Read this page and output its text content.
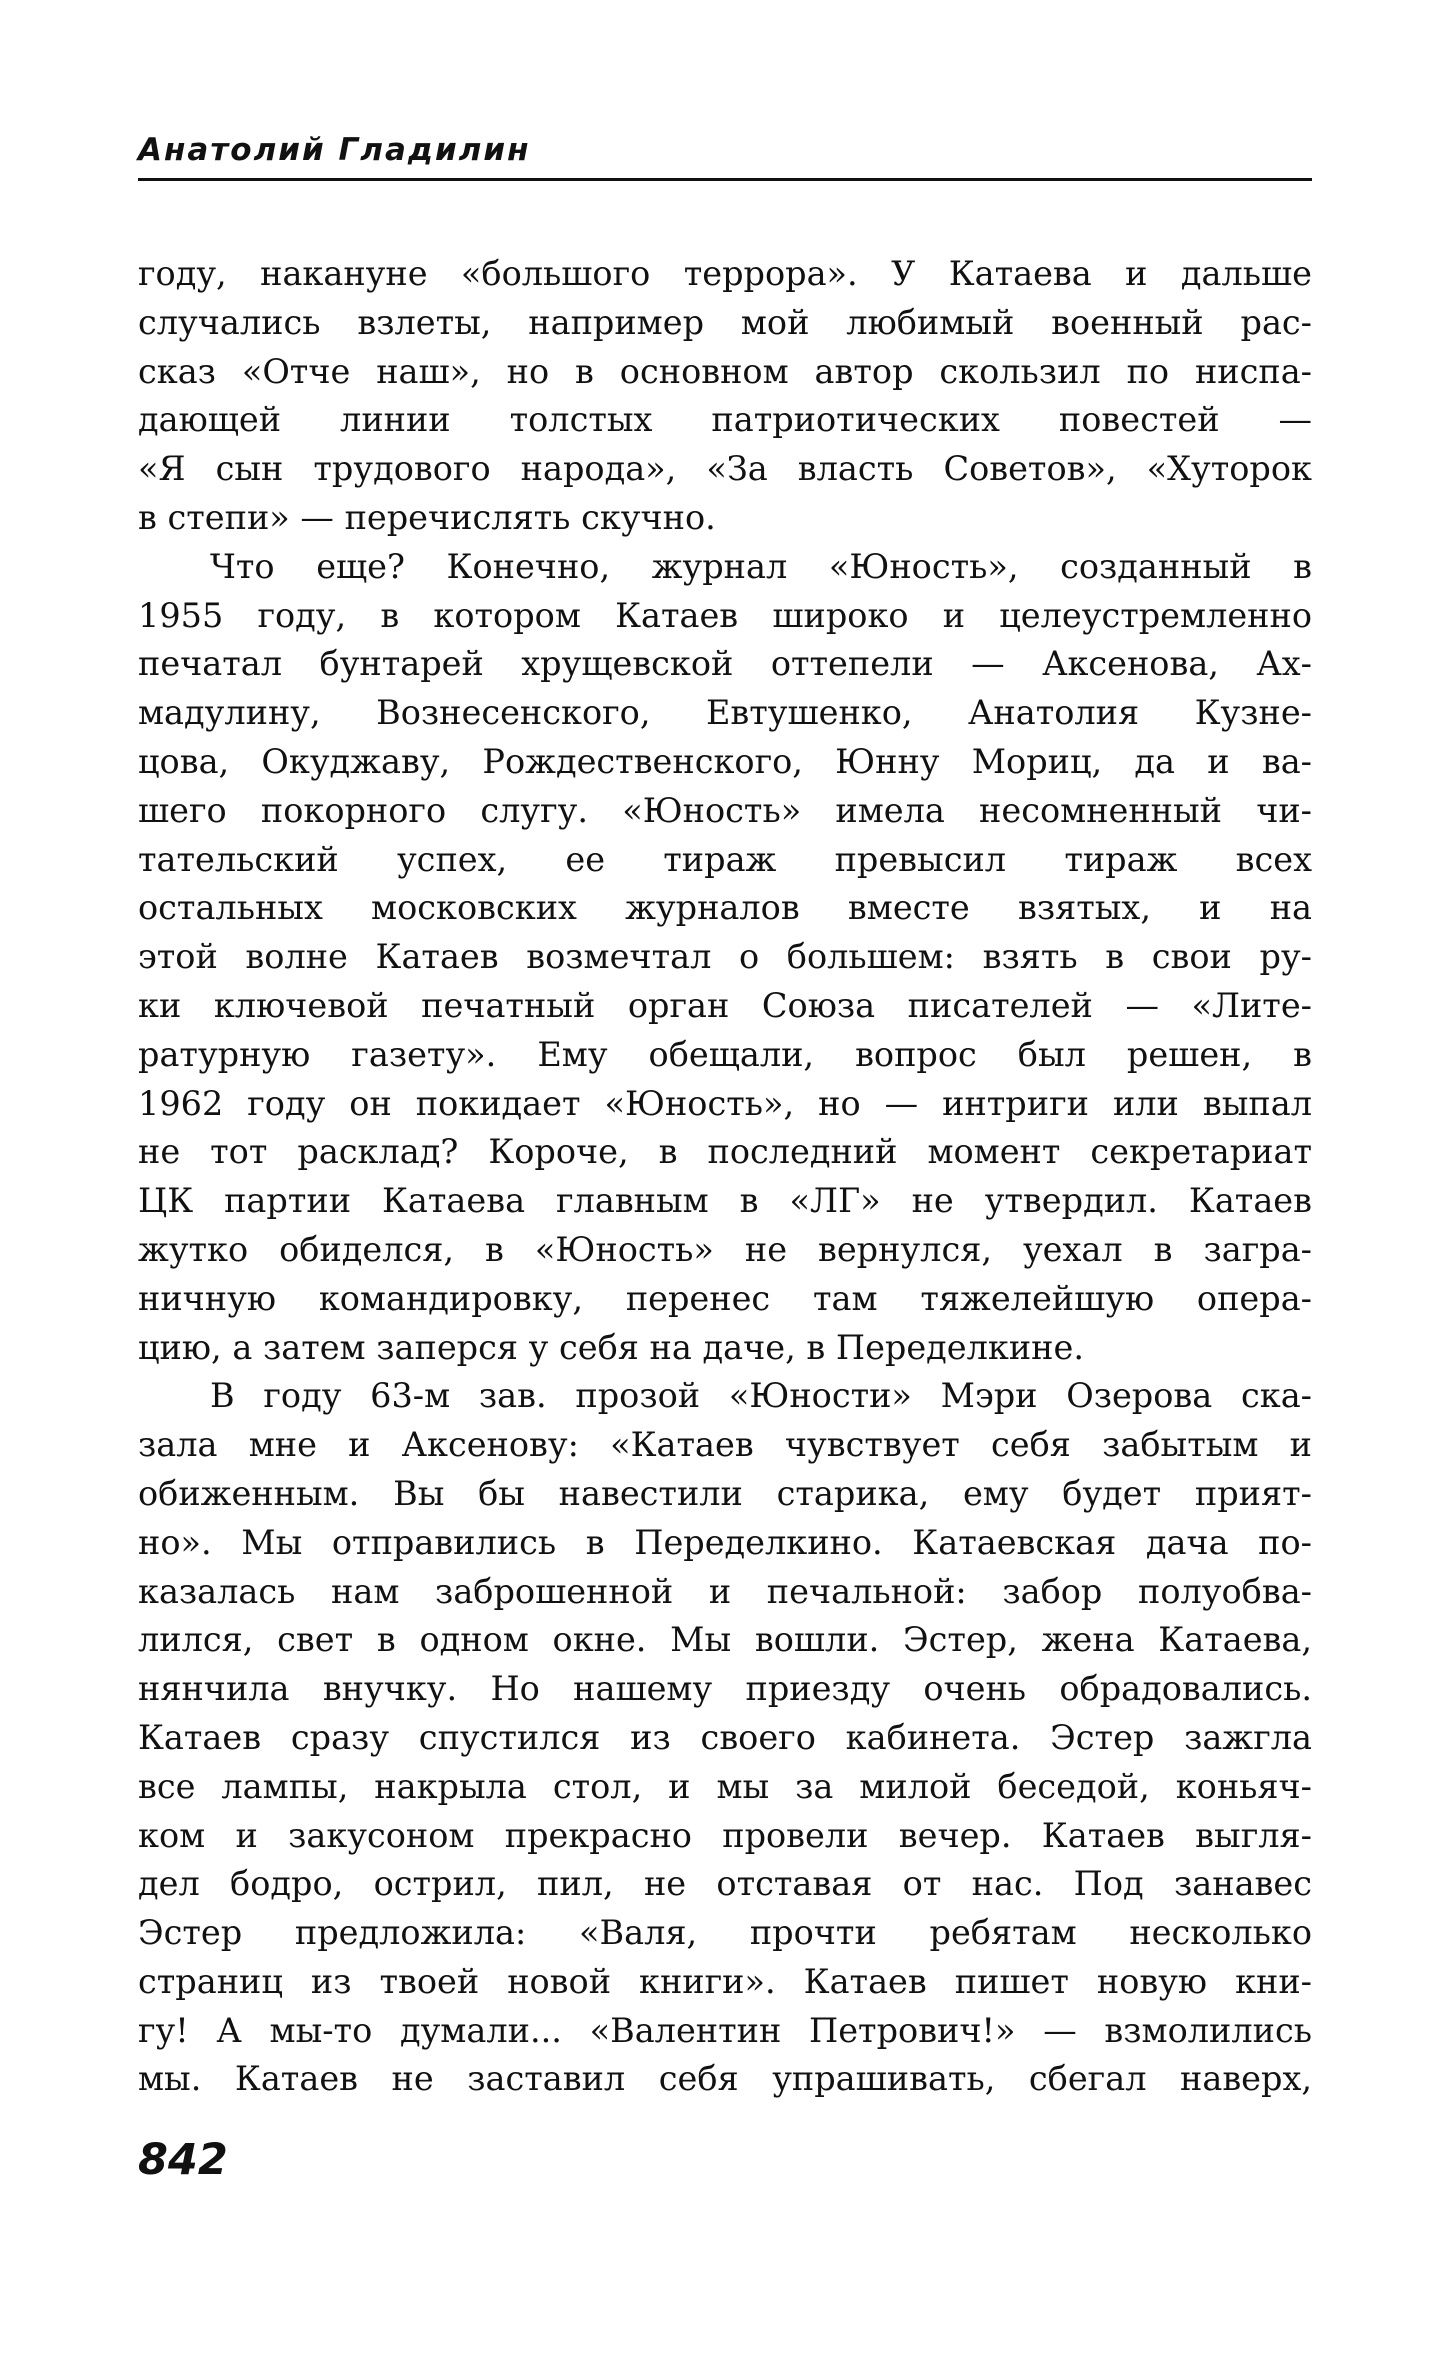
Анатолий Гладилин
году, накануне «большого террора». У Катаева и дальше
случались взлеты, например мой любимый военный рас-
сказ «Отче наш», но в основном автор скользил по ниспа-
дающей линии толстых патриотических повестей —
«Я сын трудового народа», «За власть Советов», «Хуторок
в степи» — перечислять скучно.
Что еще? Конечно, журнал «Юность», созданный в
1955 году, в котором Катаев широко и целеустремленно
печатал бунтарей хрущевской оттепели — Аксенова, Ах-
мадулину, Вознесенского, Евтушенко, Анатолия Кузне-
цова, Окуджаву, Рождественского, Юнну Мориц, да и ва-
шего покорного слугу. «Юность» имела несомненный чи-
тательский успех, ее тираж превысил тираж всех
остальных московских журналов вместе взятых, и на
этой волне Катаев возмечтал о большем: взять в свои ру-
ки ключевой печатный орган Союза писателей — «Лите-
ратурную газету». Ему обещали, вопрос был решен, в
1962 году он покидает «Юность», но — интриги или выпал
не тот расклад? Короче, в последний момент секретариат
ЦК партии Катаева главным в «ЛГ» не утвердил. Катаев
жутко обиделся, в «Юность» не вернулся, уехал в загра-
ничную командировку, перенес там тяжелейшую опера-
цию, а затем заперся у себя на даче, в Переделкине.
В году 63-м зав. прозой «Юности» Мэри Озерова ска-
зала мне и Аксенову: «Катаев чувствует себя забытым и
обиженным. Вы бы навестили старика, ему будет прият-
но». Мы отправились в Переделкино. Катаевская дача по-
казалась нам заброшенной и печальной: забор полуобва-
лился, свет в одном окне. Мы вошли. Эстер, жена Катаева,
нянчила внучку. Но нашему приезду очень обрадовались.
Катаев сразу спустился из своего кабинета. Эстер зажгла
все лампы, накрыла стол, и мы за милой беседой, коньяч-
ком и закусоном прекрасно провели вечер. Катаев выгля-
дел бодро, острил, пил, не отставая от нас. Под занавес
Эстер предложила: «Валя, прочти ребятам несколько
страниц из твоей новой книги». Катаев пишет новую кни-
гу! А мы-то думали... «Валентин Петрович!» — взмолились
мы. Катаев не заставил себя упрашивать, сбегал наверх,
842
